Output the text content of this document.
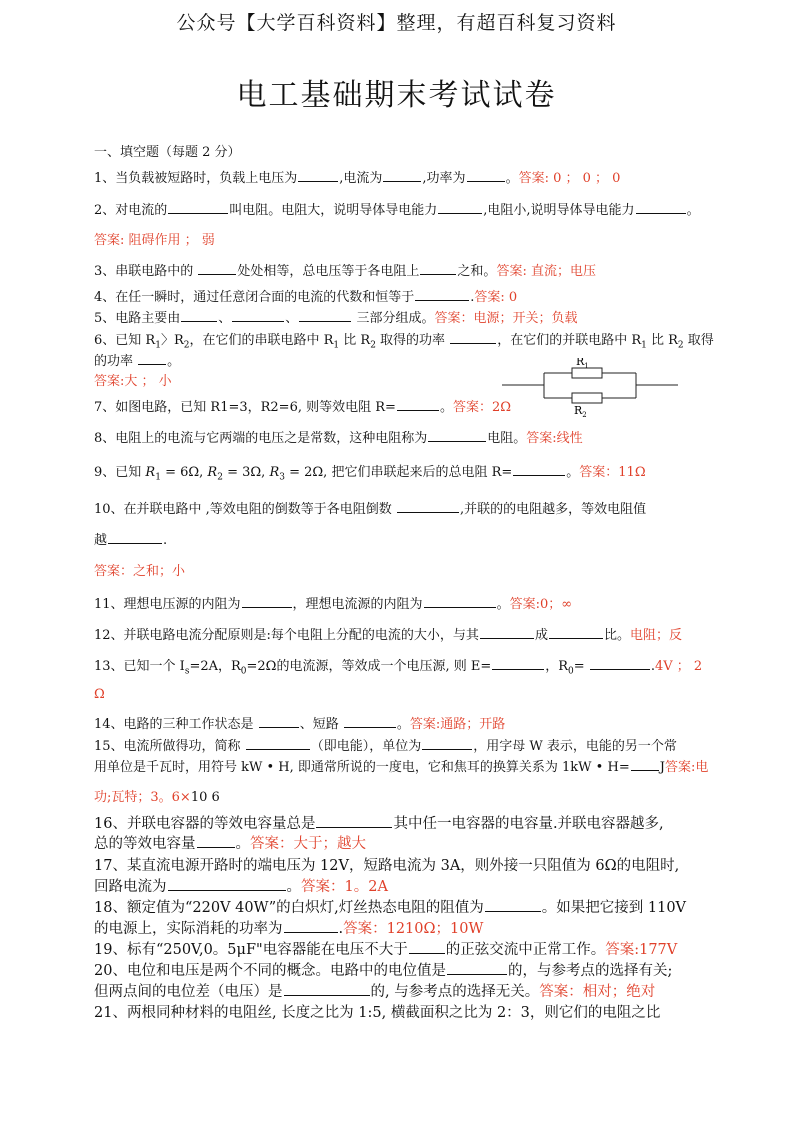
公众号【大学百科资料】整理，有超百科复习资料
电工基础期末考试试卷
一、填空题（每题 2 分）
1、当负载被短路时，负载上电压为	,电流为	,功率为	。答案: 0 ； 0 ； 0
2、对电流的	叫电阻。电阻大，说明导体导电能力	,电阻小,说明导体导电能力	。
答案: 阻碍作用 ； 弱
3、串联电路中的	处处相等，总电压等于各电阻上	之和。答案: 直流；电压
4、在任一瞬时，通过任意闭合面的电流的代数和恒等于	.答案: 0
5、电路主要由	、	、	三部分组成。答案：电源；开关；负载
6、已知 $R_1$〉$R_2$，在它们的串联电路中 $R_1$ 比 $R_2$ 取得的功率	，在它们的并联电路中 $R_1$ 比 $R_2$ 取得
的功率 。
答案:大 ； 小
$R_1$
$R_2$
7、如图电路，已知 R1=3，R2=6, 则等效电阻 R=	。答案：2Ω
8、电阻上的电流与它两端的电压之是常数，这种电阻称为	电阻。答案:线性
9、已知 $R_1 = 6\Omega$, $R_2 = 3\Omega$, $R_3 = 2\Omega$, 把它们串联起来后的总电阻 R=	。答案：11Ω
10、在并联电路中 ,等效电阻的倒数等于各电阻倒数	,并联的的电阻越多，等效电阻值
越	.
答案：之和；小
11、理想电压源的内阻为	，理想电流源的内阻为	。答案:0；∞
12、并联电路电流分配原则是:每个电阻上分配的电流的大小，与其	成	比。电阻；反
13、已知一个 $I_s=2A$，$R_0=2\Omega$的电流源，等效成一个电压源, 则 E=	，$R_0=$	.4V ； 2
Ω
14、电路的三种工作状态是	、短路	。答案:通路；开路
15、电流所做得功，简称	（即电能），单位为	，用字母 W 表示，电能的另一个常
用单位是千瓦时，用符号 kW • H, 即通常所说的一度电，它和焦耳的换算关系为 1kW • H= J答案:电
功;瓦特；3。6×10 6
16、并联电容器的等效电容量总是	其中任一电容器的电容量.并联电容器越多,
总的等效电容量	。答案：大于；越大
17、某直流电源开路时的端电压为 12V，短路电流为 3A，则外接一只阻值为 6Ω的电阻时,
回路电流为	。答案：1。2A
18、额定值为“220V 40W”的白炽灯,灯丝热态电阻的阻值为	。如果把它接到 110V
的电源上，实际消耗的功率为	.答案：1210Ω；10W
19、标有“250V,0。5μF"电容器能在电压不大于	的正弦交流中正常工作。答案:177V
20、电位和电压是两个不同的概念。电路中的电位值是	的，与参考点的选择有关;
但两点间的电位差（电压）是	的, 与参考点的选择无关。答案：相对；绝对
21、两根同种材料的电阻丝, 长度之比为 1:5, 横截面积之比为 2：3，则它们的电阻之比
